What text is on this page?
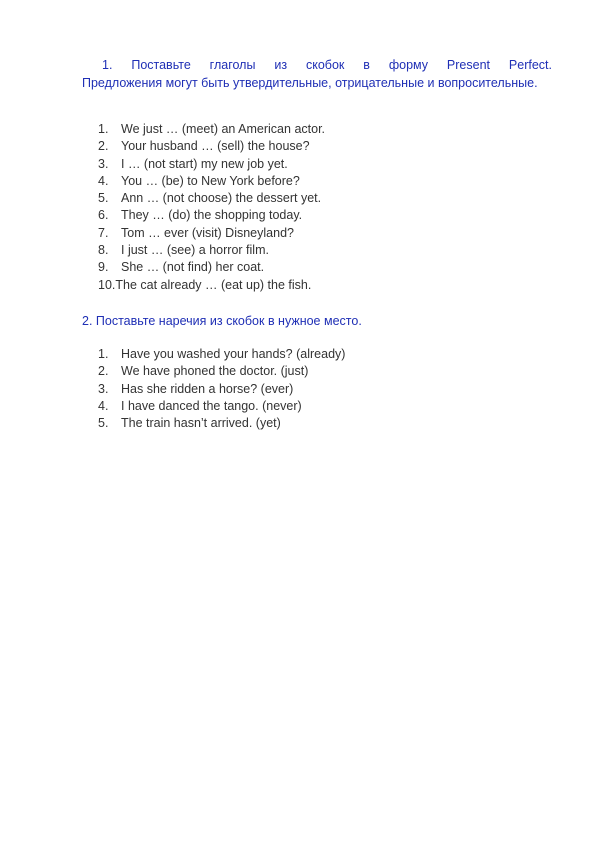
1. Поставьте глаголы из скобок в форму Present Perfect.
Предложения могут быть утвердительные, отрицательные и вопросительные.

1. We just … (meet) an American actor.
2. Your husband … (sell) the house?
3. I … (not start) my new job yet.
4. You … (be) to New York before?
5. Ann … (not choose) the dessert yet.
6. They … (do) the shopping today.
7. Tom … ever (visit) Disneyland?
8. I just … (see) a horror film.
9. She … (not find) her coat.
10.The cat already … (eat up) the fish.

2. Поставьте наречия из скобок в нужное место.

1. Have you washed your hands? (already)
2. We have phoned the doctor. (just)
3. Has she ridden a horse? (ever)
4. I have danced the tango. (never)
5. The train hasn’t arrived. (yet)
